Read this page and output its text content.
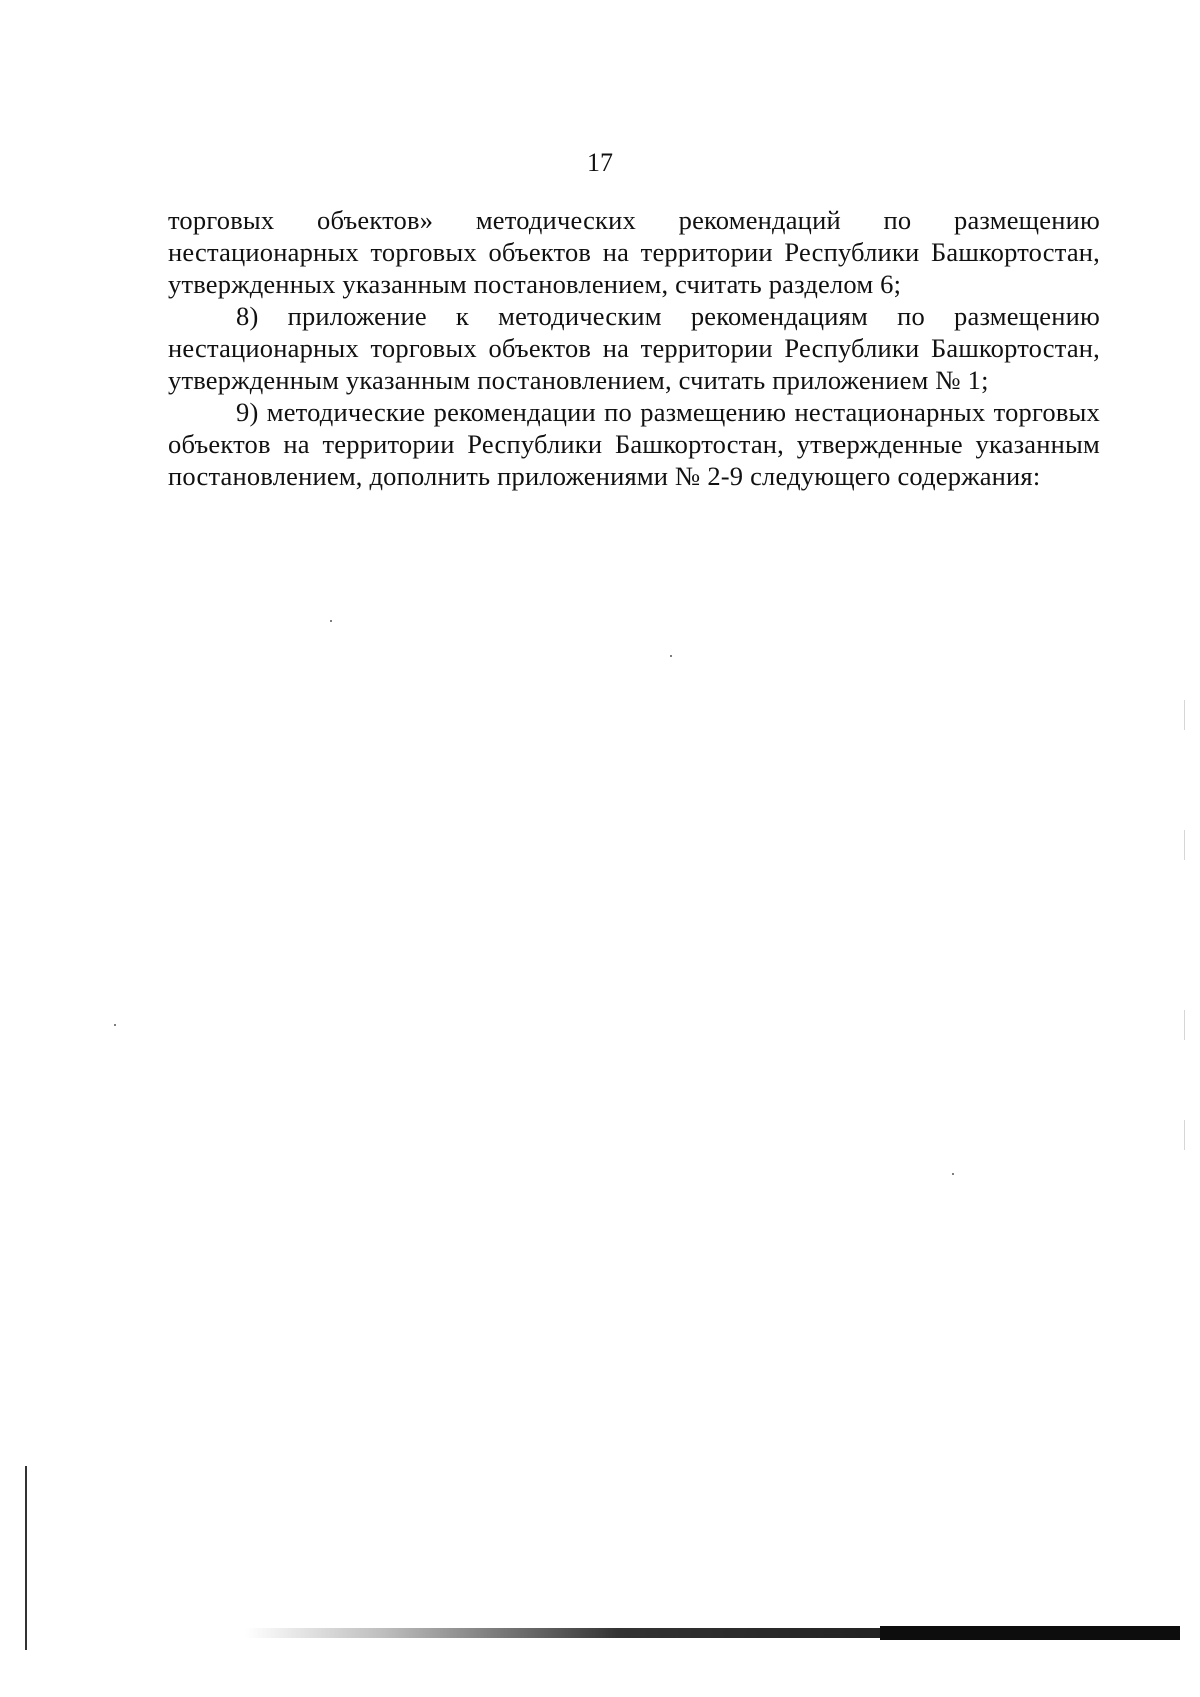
17

торговых объектов» методических рекомендаций по размещению нестационарных торговых объектов на территории Республики Башкортостан, утвержденных указанным постановлением, считать разделом 6;

8) приложение к методическим рекомендациям по размещению нестационарных торговых объектов на территории Республики Башкортостан, утвержденным указанным постановлением, считать приложением № 1;

9) методические рекомендации по размещению нестационарных торговых объектов на территории Республики Башкортостан, утвержденные указанным постановлением, дополнить приложениями № 2-9 следующего содержания:
